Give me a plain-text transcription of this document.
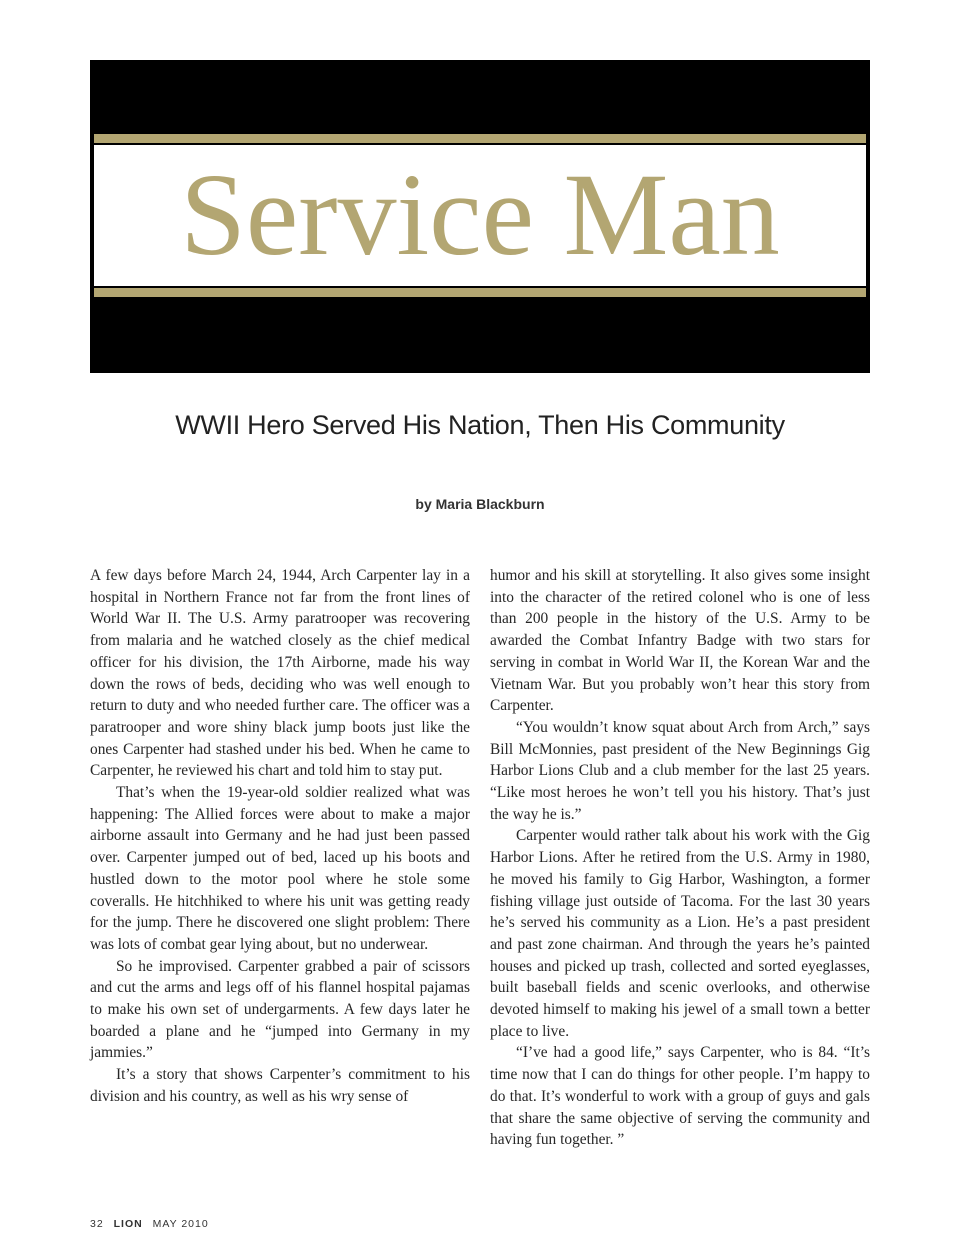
Service Man
WWII Hero Served His Nation, Then His Community
by Maria Blackburn

A few days before March 24, 1944, Arch Carpenter lay in a hospital in Northern France not far from the front lines of World War II. The U.S. Army paratrooper was recovering from malaria and he watched closely as the chief medical officer for his division, the 17th Airborne, made his way down the rows of beds, deciding who was well enough to return to duty and who needed further care. The officer was a paratrooper and wore shiny black jump boots just like the ones Carpenter had stashed under his bed. When he came to Carpenter, he reviewed his chart and told him to stay put.

That’s when the 19-year-old soldier realized what was happening: The Allied forces were about to make a major airborne assault into Germany and he had just been passed over. Carpenter jumped out of bed, laced up his boots and hustled down to the motor pool where he stole some coveralls. He hitchhiked to where his unit was getting ready for the jump. There he discovered one slight problem: There was lots of combat gear lying about, but no underwear.

So he improvised. Carpenter grabbed a pair of scissors and cut the arms and legs off of his flannel hospital pajamas to make his own set of undergarments. A few days later he boarded a plane and he “jumped into Germany in my jammies.”

It’s a story that shows Carpenter’s commitment to his division and his country, as well as his wry sense of

humor and his skill at storytelling. It also gives some insight into the character of the retired colonel who is one of less than 200 people in the history of the U.S. Army to be awarded the Combat Infantry Badge with two stars for serving in combat in World War II, the Korean War and the Vietnam War. But you probably won’t hear this story from Carpenter.

“You wouldn’t know squat about Arch from Arch,” says Bill McMonnies, past president of the New Beginnings Gig Harbor Lions Club and a club member for the last 25 years. “Like most heroes he won’t tell you his history. That’s just the way he is.”

Carpenter would rather talk about his work with the Gig Harbor Lions. After he retired from the U.S. Army in 1980, he moved his family to Gig Harbor, Washington, a former fishing village just outside of Tacoma. For the last 30 years he’s served his community as a Lion. He’s a past president and past zone chairman. And through the years he’s painted houses and picked up trash, collected and sorted eyeglasses, built baseball fields and scenic overlooks, and otherwise devoted himself to making his jewel of a small town a better place to live.

“I’ve had a good life,” says Carpenter, who is 84. “It’s time now that I can do things for other people. I’m happy to do that. It’s wonderful to work with a group of guys and gals that share the same objective of serving the community and having fun together. ”

32 LION MAY 2010
